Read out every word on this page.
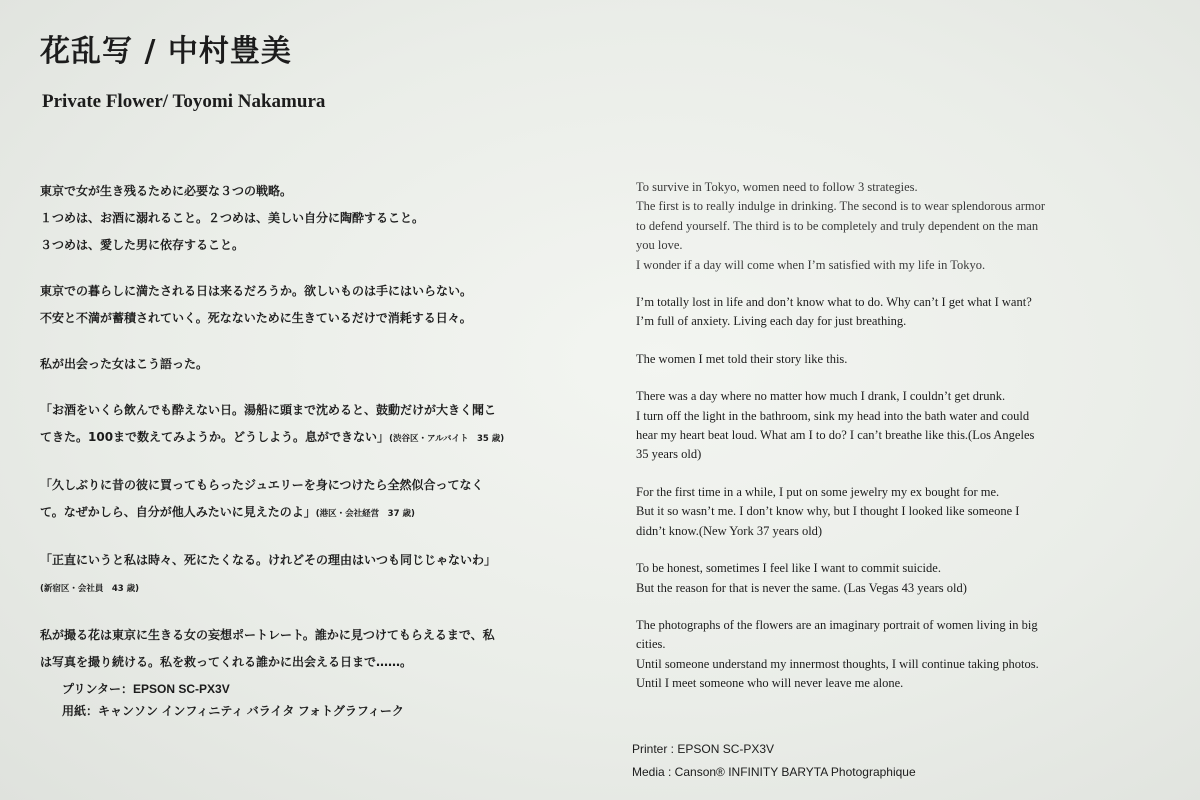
花乱写 / 中村豊美
Private Flower/ Toyomi Nakamura
東京で女が生き残るために必要な３つの戦略。
１つめは、お酒に溺れること。２つめは、美しい自分に陶酔すること。
３つめは、愛した男に依存すること。
東京での暮らしに満たされる日は来るだろうか。欲しいものは手にはいらない。
不安と不満が蓄積されていく。死なないために生きているだけで消耗する日々。
私が出会った女はこう語った。
「お酒をいくら飲んでも酔えない日。湯船に頭まで沈めると、鼓動だけが大きく聞こ
てきた。100まで数えてみようか。どうしよう。息ができない」(渋谷区・アルバイト　35 歳)
「久しぶりに昔の彼に買ってもらったジュエリーを身につけたら全然似合ってなく
て。なぜかしら、自分が他人みたいに見えたのよ」(港区・会社経営　37 歳)
「正直にいうと私は時々、死にたくなる。けれどその理由はいつも同じじゃないわ」
(新宿区・会社員　43 歳)
私が撮る花は東京に生きる女の妄想ポートレート。誰かに見つけてもらえるまで、私
は写真を撮り続ける。私を救ってくれる誰かに出会える日まで……。
To survive in Tokyo, women need to follow 3 strategies.
The first is to really indulge in drinking. The second is to wear splendorous armor
to defend yourself. The third is to be completely and truly dependent on the man
you love.
I wonder if a day will come when I’m satisfied with my life in Tokyo.
I’m totally lost in life and don’t know what to do. Why can’t I get what I want?
I’m full of anxiety. Living each day for just breathing.
The women I met told their story like this.
There was a day where no matter how much I drank, I couldn’t get drunk.
I turn off the light in the bathroom, sink my head into the bath water and could
hear my heart beat loud. What am I to do? I can’t breathe like this.(Los Angeles
35 years old)
For the first time in a while, I put on some jewelry my ex bought for me.
But it so wasn’t me. I don’t know why, but I thought I looked like someone I
didn’t know.(New York 37 years old)
To be honest, sometimes I feel like I want to commit suicide.
But the reason for that is never the same. (Las Vegas 43 years old)
The photographs of the flowers are an imaginary portrait of women living in big
cities.
Until someone understand my innermost thoughts, I will continue taking photos.
Until I meet someone who will never leave me alone.
プリンター：EPSON SC-PX3V
用紙：キャンソン インフィニティ バライタ フォトグラフィーク
Printer : EPSON SC-PX3V
Media : Canson® INFINITY BARYTA Photographique
